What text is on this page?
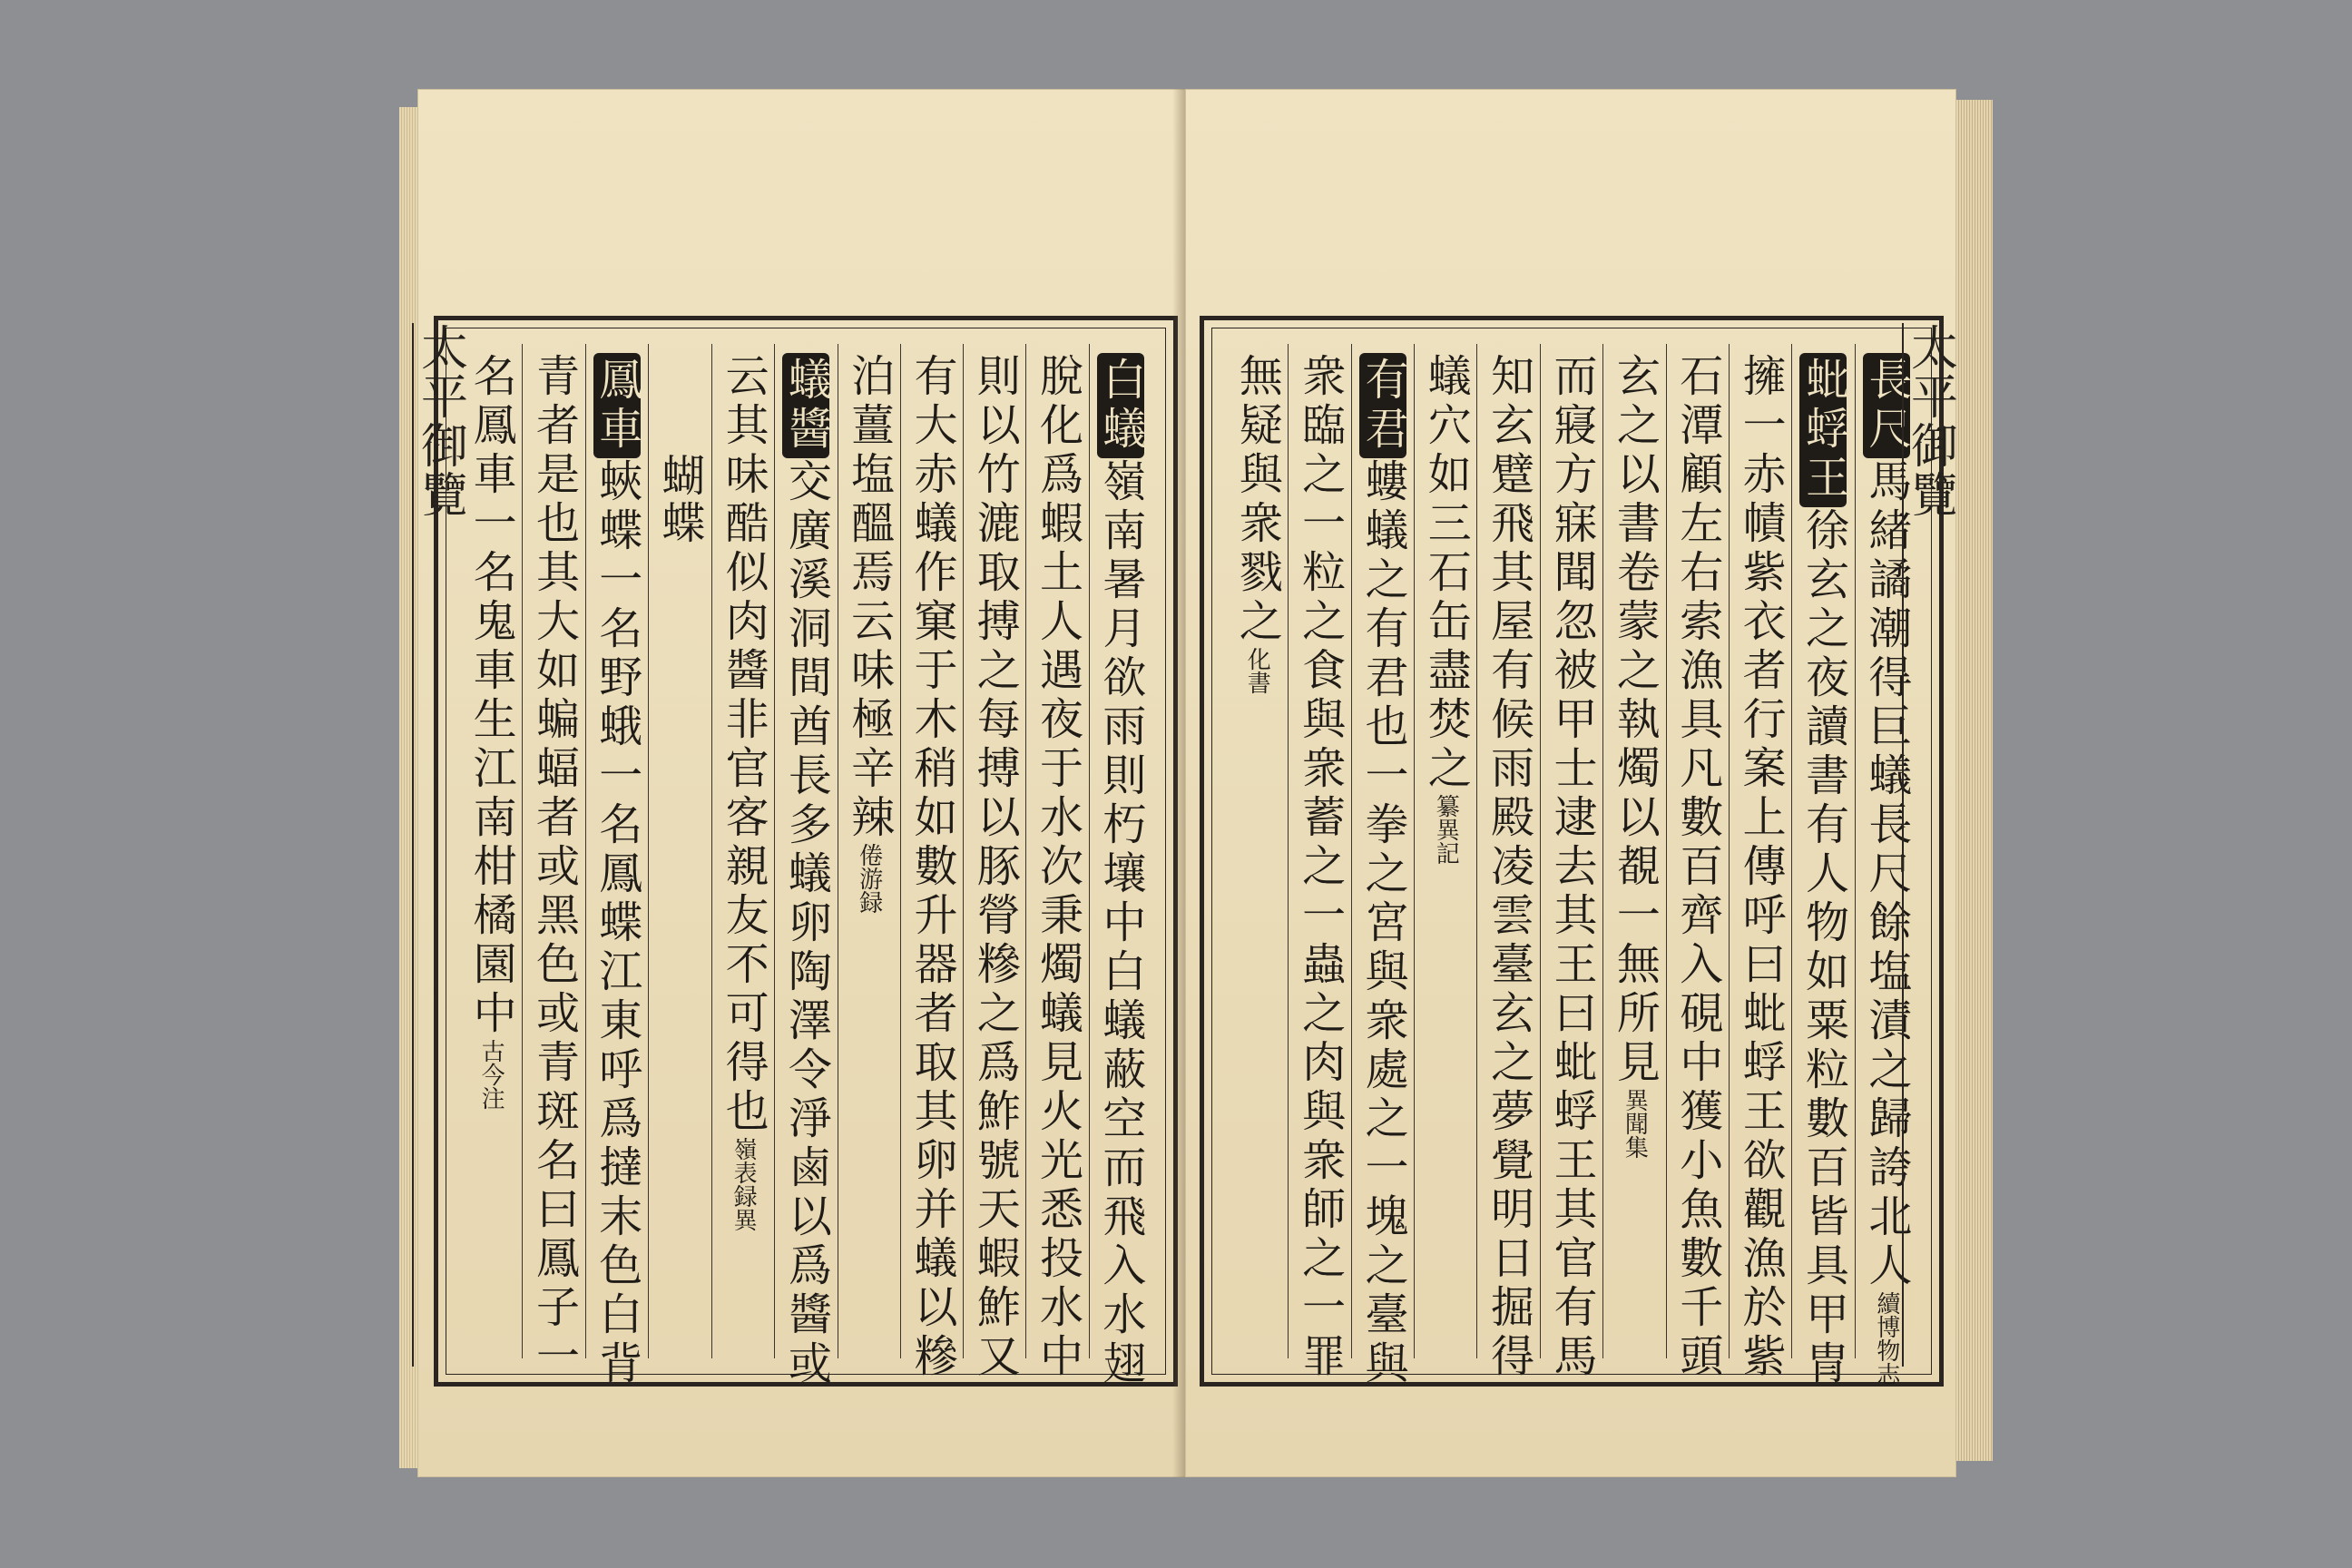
白蟻嶺南暑月欲雨則朽壤中白蟻蔽空而飛入水翅
脫化爲蝦土人遇夜于水次秉燭蟻見火光悉投水中
則以竹漉取搏之每搏以豚膋糝之爲鮓號天蝦鮓又
有大赤蟻作窠于木稍如數升器者取其卵并蟻以糝
泊薑塩醞焉云味極辛辣倦游録
蟻醬交廣溪洞間酋長多蟻卵陶澤令淨鹵以爲醬或
云其味酷似肉醬非官客親友不可得也嶺表録異
蝴蝶
鳳車蛺蝶一名野蛾一名鳳蝶江東呼爲撻末色白背
青者是也其大如蝙蝠者或黑色或青斑名曰鳳子一
名鳳車一名鬼車生江南柑橘園中古今注
太平御覽	長尺馬緒譎潮得巨蟻長尺餘塩漬之歸誇北人續博物志
蚍蜉王徐玄之夜讀書有人物如粟粒數百皆具甲冑
擁一赤幘紫衣者行案上傳呼曰蚍蜉王欲觀漁於紫
石潭顧左右索漁具凡數百齊入硯中獲小魚數千頭
玄之以書卷蒙之執燭以覩一無所見異聞集
而寢方寐聞忽被甲士逮去其王曰蚍蜉王其官有馬
知玄躄飛其屋有候雨殿凌雲臺玄之夢覺明日掘得
蟻穴如三石缶盡焚之纂異記
有君螻蟻之有君也一拳之宮與衆處之一塊之臺與
衆臨之一粒之食與衆蓄之一蟲之肉與衆師之一罪
無疑與衆戮之化書
太平御覽
